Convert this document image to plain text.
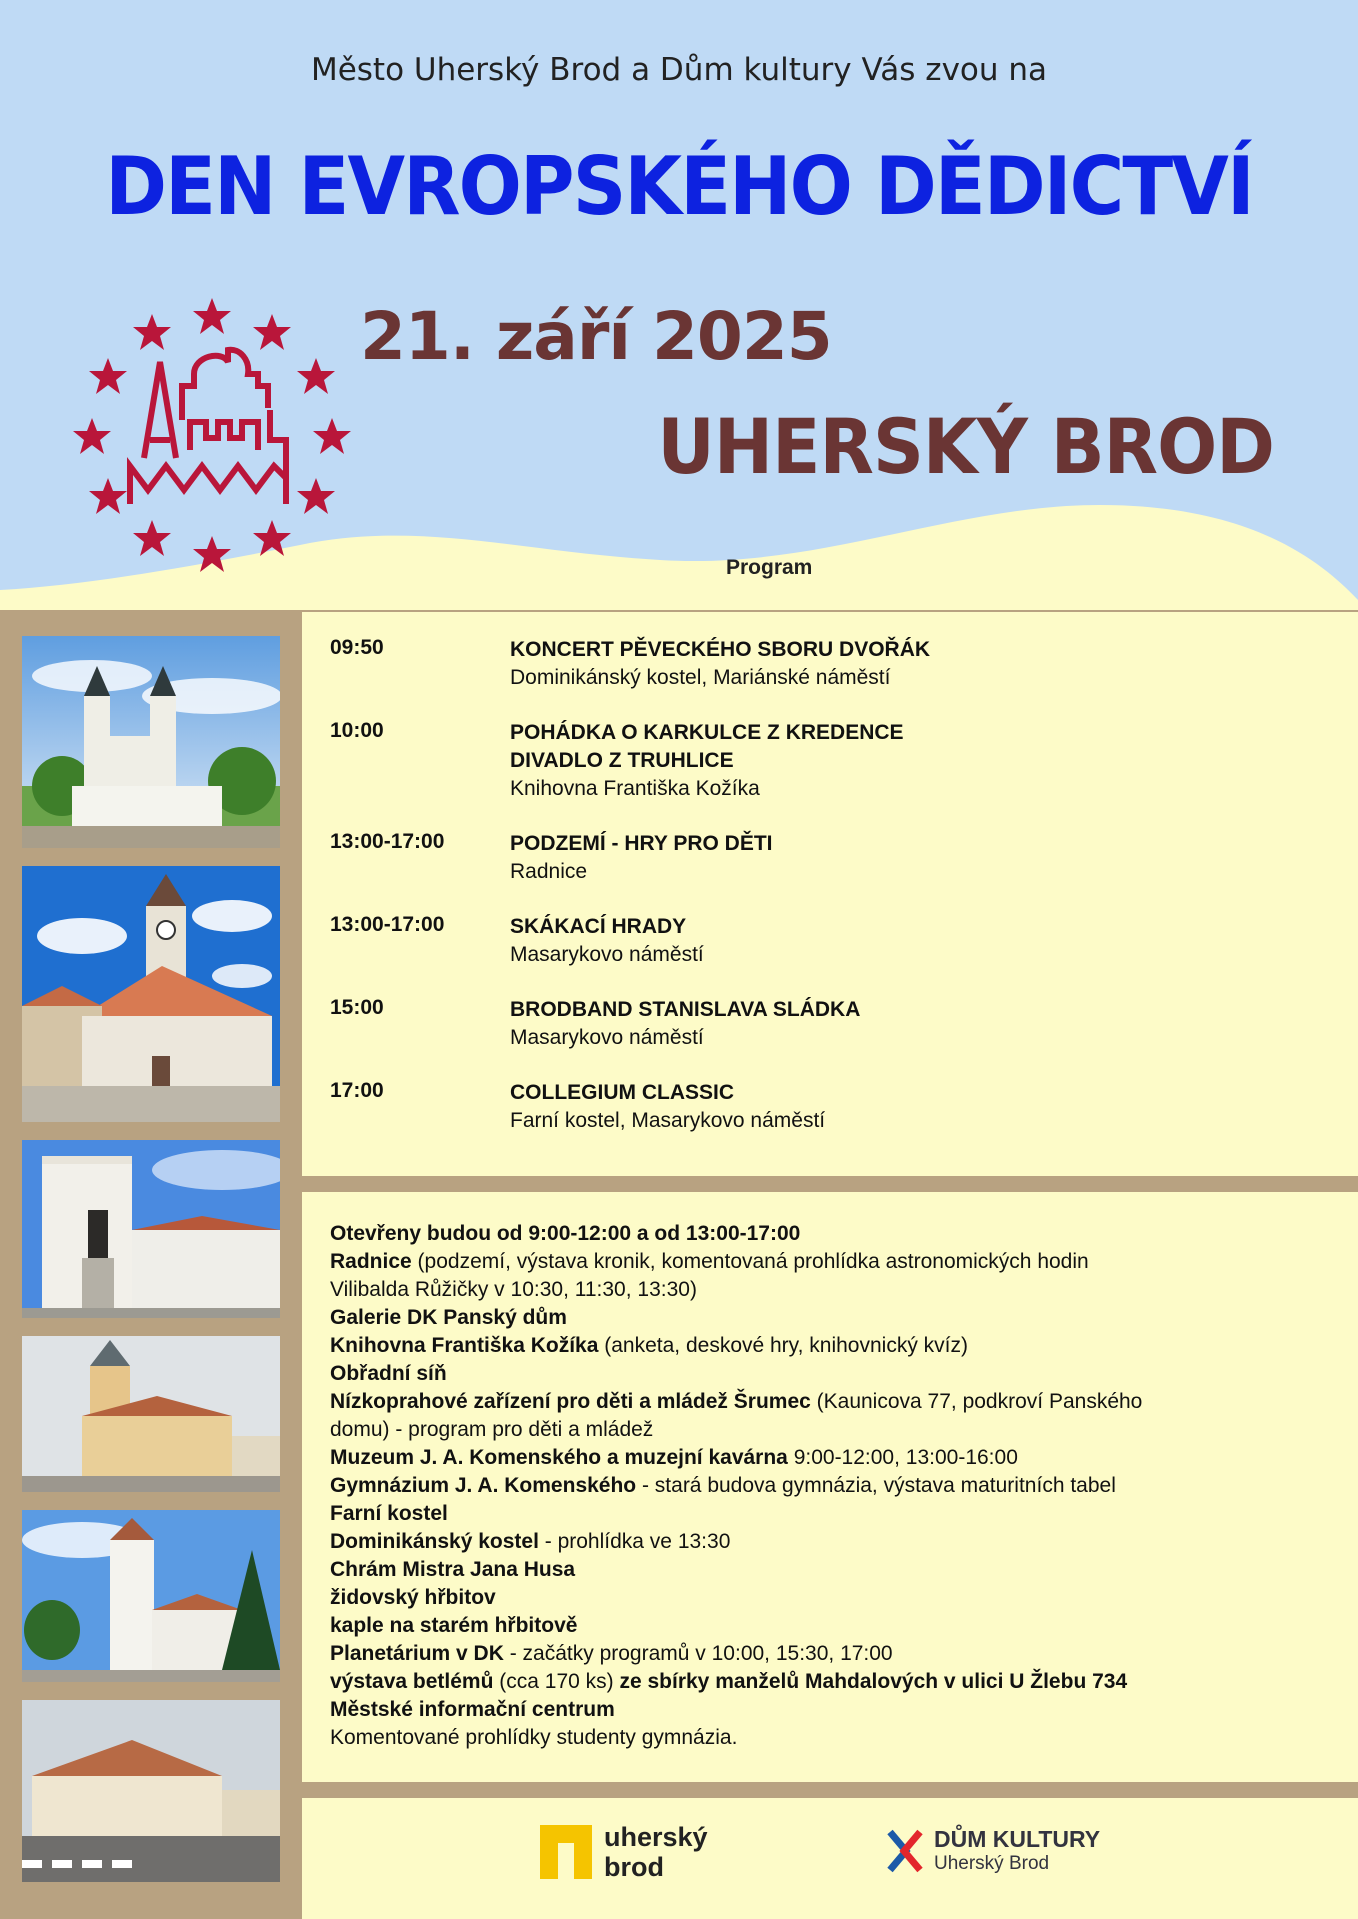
Město Uherský Brod a Dům kultury Vás zvou na
DEN EVROPSKÉHO DĚDICTVÍ
21. září 2025
UHERSKÝ BROD
Program
09:50	KONCERT PĚVECKÉHO SBORU DVOŘÁK
Dominikánský kostel, Mariánské náměstí
10:00	POHÁDKA O KARKULCE Z KREDENCE
DIVADLO Z TRUHLICE
Knihovna Františka Kožíka
13:00-17:00	PODZEMÍ - HRY PRO DĚTI
Radnice
13:00-17:00	SKÁKACÍ HRADY
Masarykovo náměstí
15:00	BRODBAND STANISLAVA SLÁDKA
Masarykovo náměstí
17:00	COLLEGIUM CLASSIC
Farní kostel, Masarykovo náměstí
Otevřeny budou od 9:00-12:00 a od 13:00-17:00
Radnice (podzemí, výstava kronik, komentovaná prohlídka astronomických hodin
Vilibalda Růžičky v 10:30, 11:30, 13:30)
Galerie DK Panský dům
Knihovna Františka Kožíka (anketa, deskové hry, knihovnický kvíz)
Obřadní síň
Nízkoprahové zařízení pro děti a mládež Šrumec (Kaunicova 77, podkroví Panského
domu) - program pro děti a mládež
Muzeum J. A. Komenského a muzejní kavárna 9:00-12:00, 13:00-16:00
Gymnázium J. A. Komenského - stará budova gymnázia, výstava maturitních tabel
Farní kostel
Dominikánský kostel - prohlídka ve 13:30
Chrám Mistra Jana Husa
židovský hřbitov
kaple na starém hřbitově
Planetárium v DK - začátky programů v 10:00, 15:30, 17:00
výstava betlémů (cca 170 ks) ze sbírky manželů Mahdalových v ulici U Žlebu 734
Městské informační centrum
Komentované prohlídky studenty gymnázia.
uherský
brod
DŮM KULTURY
Uherský Brod
